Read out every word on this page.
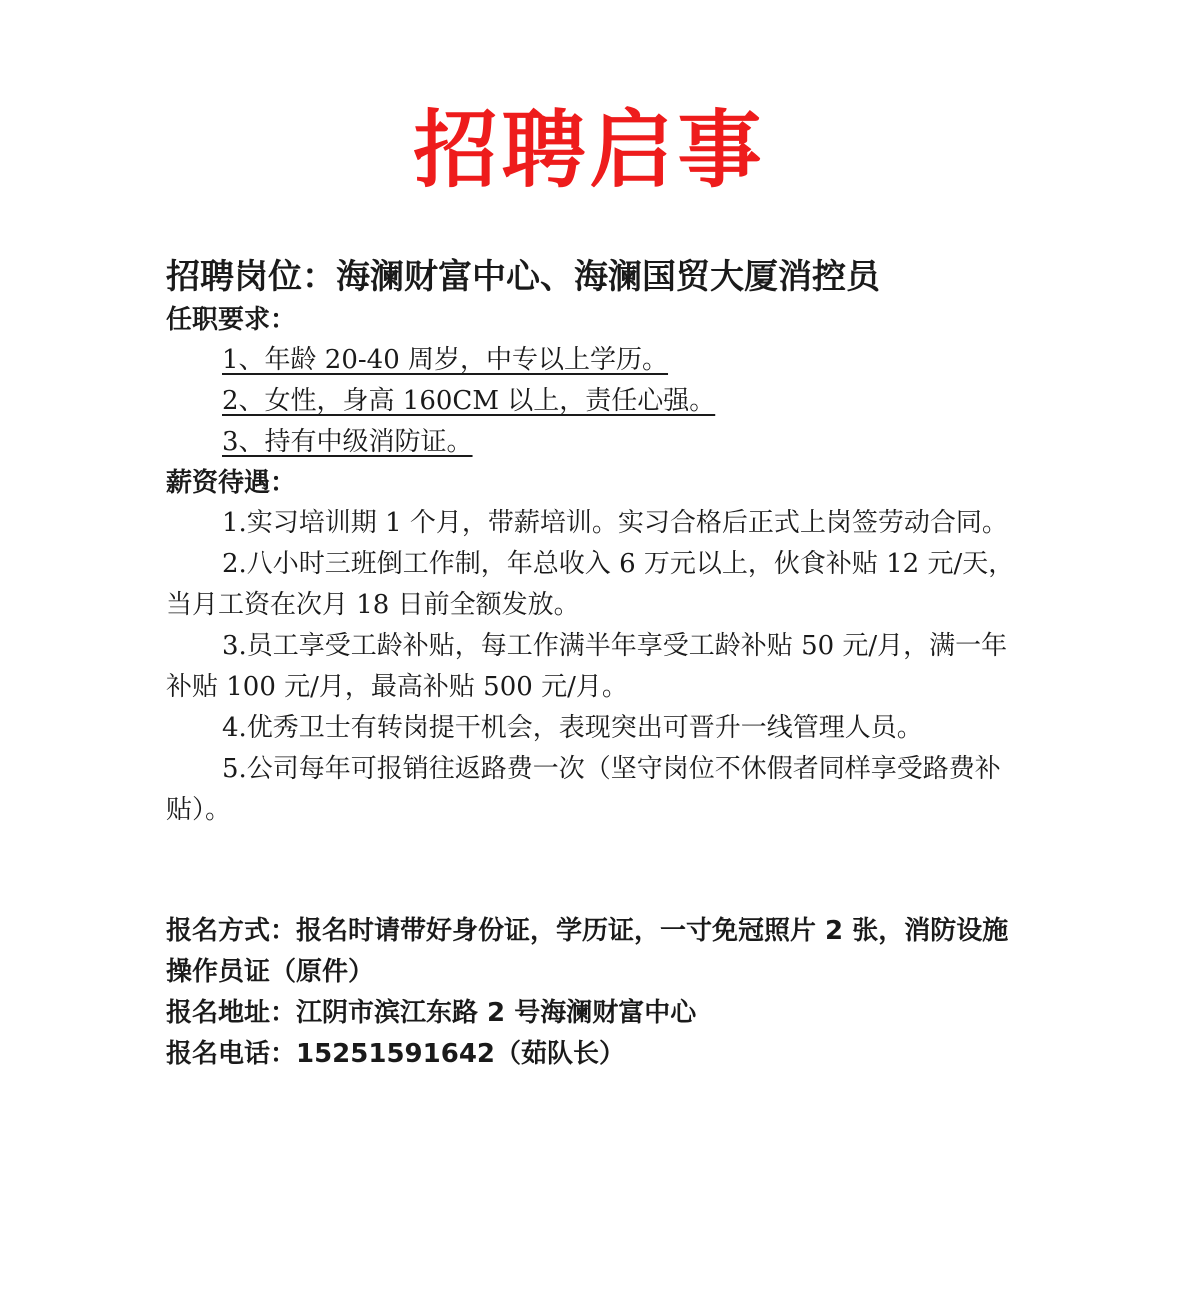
招聘启事

招聘岗位：海澜财富中心、海澜国贸大厦消控员

任职要求：

1、年龄 20-40 周岁，中专以上学历。
2、女性，身高 160CM 以上，责任心强。
3、持有中级消防证。

薪资待遇：

1.实习培训期 1 个月，带薪培训。实习合格后正式上岗签劳动合同。

2.八小时三班倒工作制，年总收入 6 万元以上，伙食补贴 12 元/天，当月工资在次月 18 日前全额发放。

3.员工享受工龄补贴，每工作满半年享受工龄补贴 50 元/月，满一年补贴 100 元/月，最高补贴 500 元/月。

4.优秀卫士有转岗提干机会，表现突出可晋升一线管理人员。

5.公司每年可报销往返路费一次（坚守岗位不休假者同样享受路费补贴）。

报名方式：报名时请带好身份证，学历证，一寸免冠照片 2 张，消防设施操作员证（原件）

报名地址：江阴市滨江东路 2 号海澜财富中心

报名电话：15251591642（茹队长）
